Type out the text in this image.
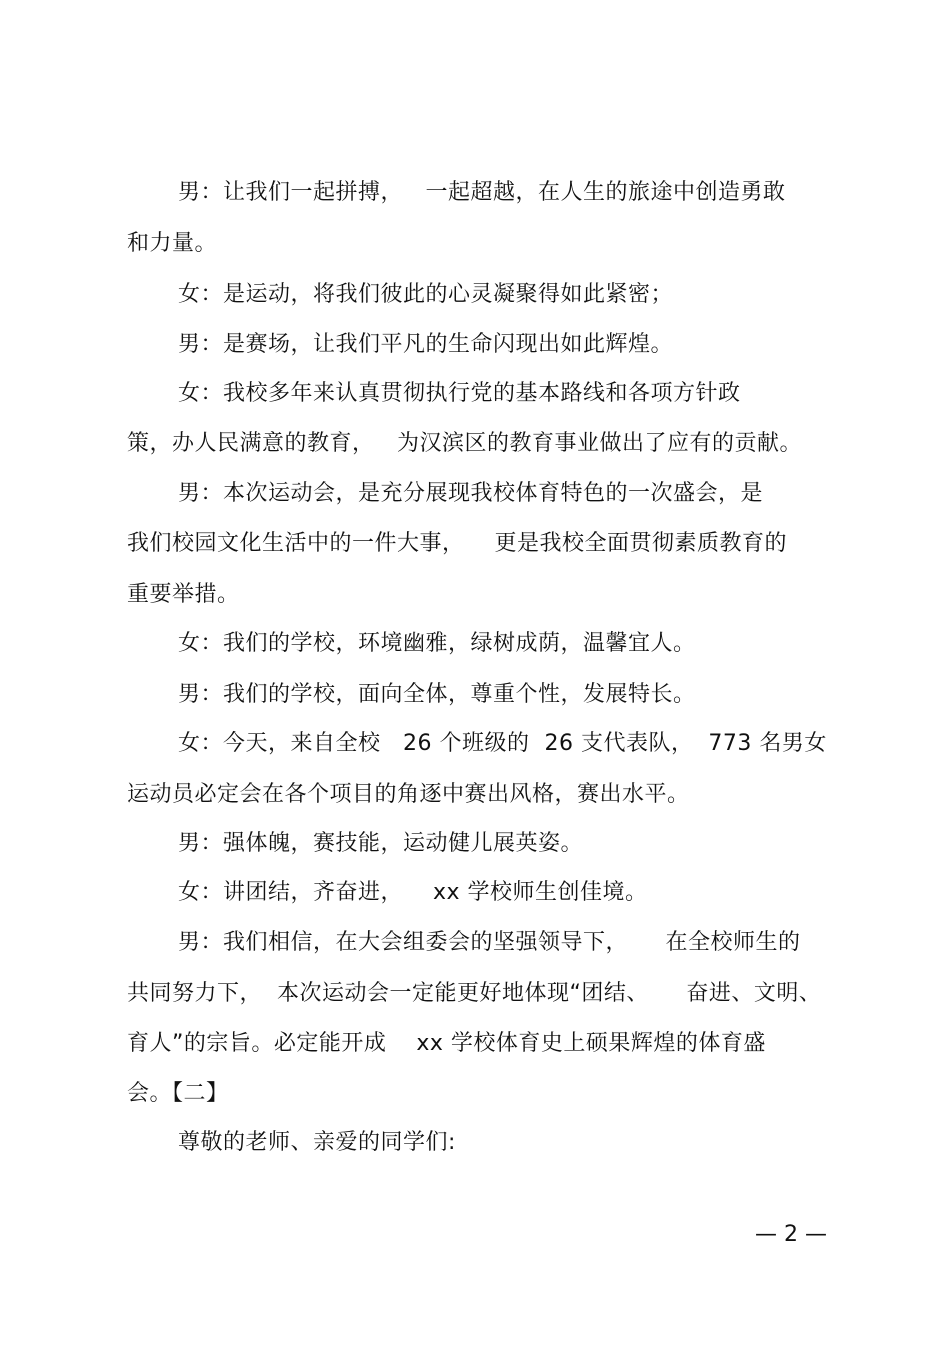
男：让我们一起拼搏，   一起超越，在人生的旅途中创造勇敢
和力量。
女：是运动，将我们彼此的心灵凝聚得如此紧密；
男：是赛场，让我们平凡的生命闪现出如此辉煌。
女：我校多年来认真贯彻执行党的基本路线和各项方针政
策，办人民满意的教育，   为汉滨区的教育事业做出了应有的贡献。
男：本次运动会，是充分展现我校体育特色的一次盛会，是
我们校园文化生活中的一件大事，    更是我校全面贯彻素质教育的
重要举措。
女：我们的学校，环境幽雅，绿树成荫，温馨宜人。
男：我们的学校，面向全体，尊重个性，发展特长。
女：今天，来自全校   26 个班级的  26 支代表队，  773 名男女
运动员必定会在各个项目的角逐中赛出风格，赛出水平。
男：强体魄，赛技能，运动健儿展英姿。
女：讲团结，齐奋进，    xx 学校师生创佳境。
男：我们相信，在大会组委会的坚强领导下，     在全校师生的
共同努力下，  本次运动会一定能更好地体现“团结、     奋进、文明、
育人”的宗旨。必定能开成    xx 学校体育史上硕果辉煌的体育盛
会。【二】
尊敬的老师、亲爱的同学们:
— 2 —
